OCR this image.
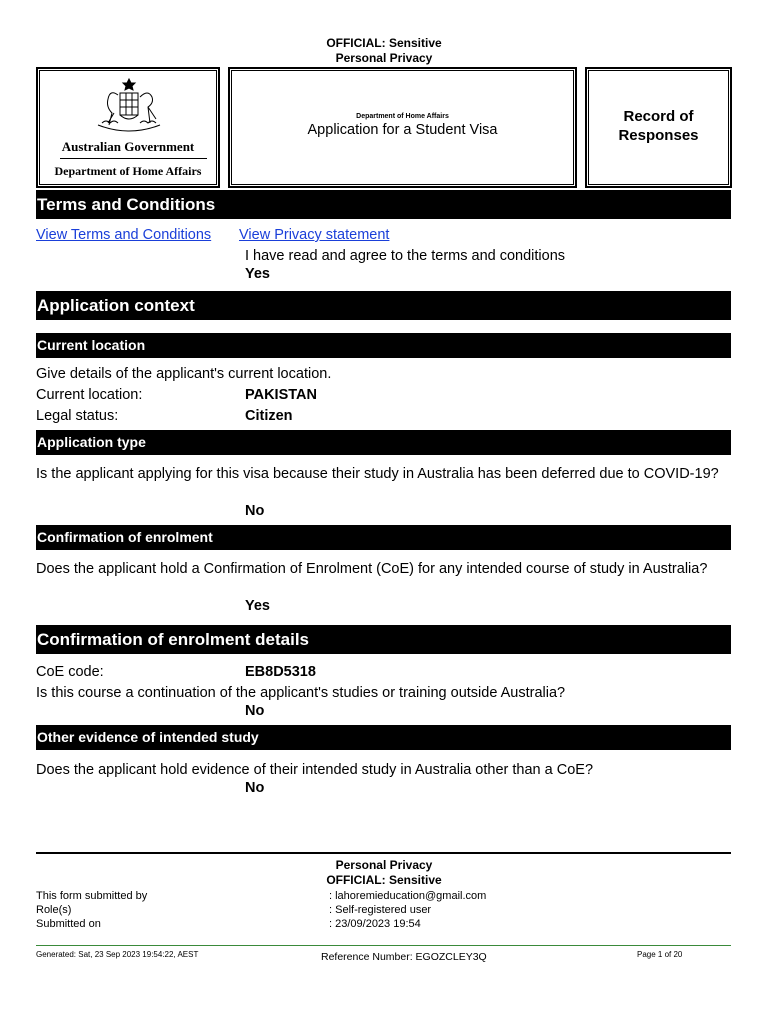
OFFICIAL: Sensitive
Personal Privacy
Australian Government
Department of Home Affairs
Department of Home Affairs
Application for a Student Visa
Record of Responses
Terms and Conditions
View Terms and Conditions View Privacy statement
I have read and agree to the terms and conditions
Yes
Application context
Current location
Give details of the applicant's current location.
Current location:	PAKISTAN
Legal status:	Citizen
Application type
Is the applicant applying for this visa because their study in Australia has been deferred due to COVID-19?
No
Confirmation of enrolment
Does the applicant hold a Confirmation of Enrolment (CoE) for any intended course of study in Australia?
Yes
Confirmation of enrolment details
CoE code:	EB8D5318
Is this course a continuation of the applicant's studies or training outside Australia?
No
Other evidence of intended study
Does the applicant hold evidence of their intended study in Australia other than a CoE?
No
Personal Privacy
OFFICIAL: Sensitive
This form submitted by	: lahoremieducation@gmail.com
Role(s)	: Self-registered user
Submitted on	: 23/09/2023 19:54
Generated: Sat, 23 Sep 2023 19:54:22, AEST	Reference Number: EGOZCLEY3Q	Page 1 of 20
